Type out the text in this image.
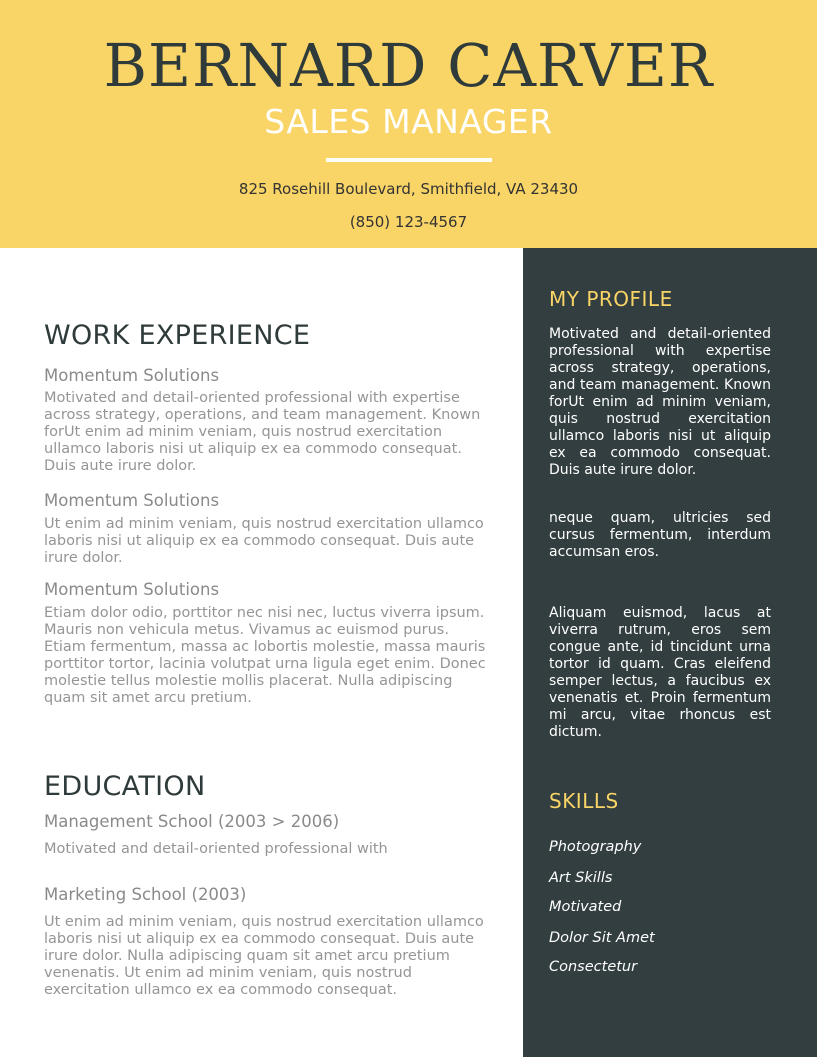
BERNARD CARVER
SALES MANAGER
825 Rosehill Boulevard, Smithfield, VA 23430
(850) 123-4567
MY PROFILE
Motivated and detail-oriented professional with expertise across strategy, operations, and team management. Known forUt enim ad minim veniam, quis nostrud exercitation ullamco laboris nisi ut aliquip ex ea commodo consequat. Duis aute irure dolor.
neque quam, ultricies sed cursus fermentum, interdum accumsan eros.
Aliquam euismod, lacus at viverra rutrum, eros sem congue ante, id tincidunt urna tortor id quam. Cras eleifend semper lectus, a faucibus ex venenatis et. Proin fermentum mi arcu, vitae rhoncus est dictum.
SKILLS
Photography
Art Skills
Motivated
Dolor Sit Amet
Consectetur
WORK EXPERIENCE
Momentum Solutions
Motivated and detail-oriented professional with expertise across strategy, operations, and team management. Known forUt enim ad minim veniam, quis nostrud exercitation ullamco laboris nisi ut aliquip ex ea commodo consequat. Duis aute irure dolor.
Momentum Solutions
Ut enim ad minim veniam, quis nostrud exercitation ullamco laboris nisi ut aliquip ex ea commodo consequat. Duis aute irure dolor.
Momentum Solutions
Etiam dolor odio, porttitor nec nisi nec, luctus viverra ipsum. Mauris non vehicula metus. Vivamus ac euismod purus. Etiam fermentum, massa ac lobortis molestie, massa mauris porttitor tortor, lacinia volutpat urna ligula eget enim. Donec molestie tellus molestie mollis placerat. Nulla adipiscing quam sit amet arcu pretium.
EDUCATION
Management School (2003 > 2006)
Motivated and detail-oriented professional with
Marketing School (2003)
Ut enim ad minim veniam, quis nostrud exercitation ullamco laboris nisi ut aliquip ex ea commodo consequat. Duis aute irure dolor. Nulla adipiscing quam sit amet arcu pretium venenatis. Ut enim ad minim veniam, quis nostrud exercitation ullamco ex ea commodo consequat.
